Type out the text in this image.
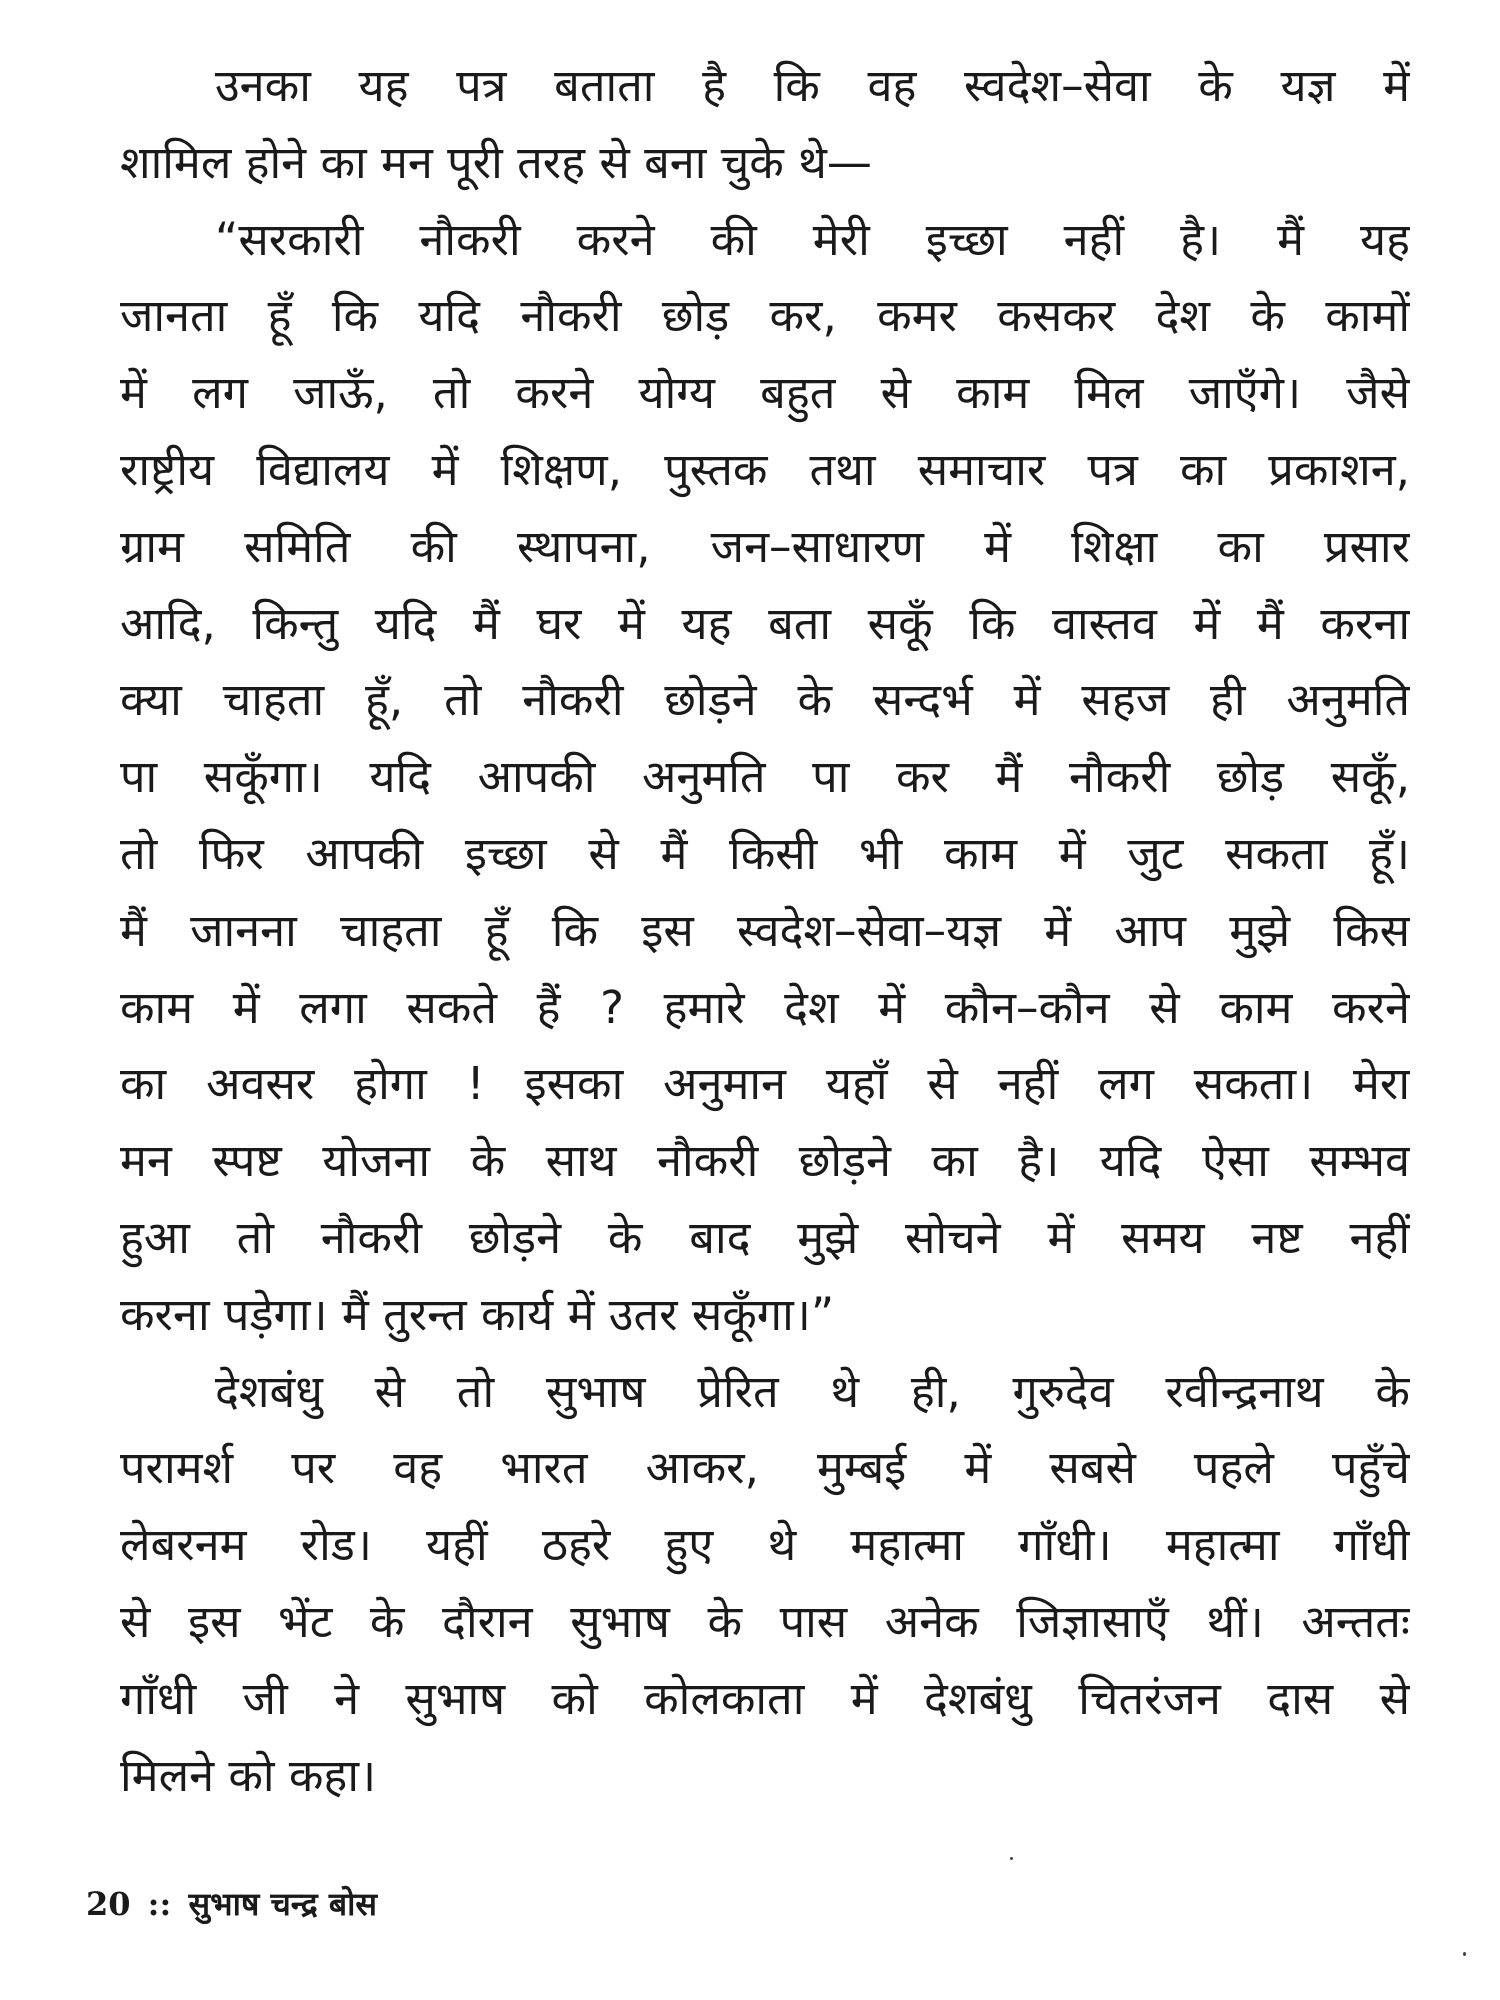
उनका यह पत्र बताता है कि वह स्वदेश–सेवा के यज्ञ में
शामिल होने का मन पूरी तरह से बना चुके थे—
“सरकारी नौकरी करने की मेरी इच्छा नहीं है। मैं यह
जानता हूँ कि यदि नौकरी छोड़ कर, कमर कसकर देश के कामों
में लग जाऊँ, तो करने योग्य बहुत से काम मिल जाएँगे। जैसे
राष्ट्रीय विद्यालय में शिक्षण, पुस्तक तथा समाचार पत्र का प्रकाशन,
ग्राम समिति की स्थापना, जन–साधारण में शिक्षा का प्रसार
आदि, किन्तु यदि मैं घर में यह बता सकूँ कि वास्तव में मैं करना
क्या चाहता हूँ, तो नौकरी छोड़ने के सन्दर्भ में सहज ही अनुमति
पा सकूँगा। यदि आपकी अनुमति पा कर मैं नौकरी छोड़ सकूँ,
तो फिर आपकी इच्छा से मैं किसी भी काम में जुट सकता हूँ।
मैं जानना चाहता हूँ कि इस स्वदेश–सेवा–यज्ञ में आप मुझे किस
काम में लगा सकते हैं ? हमारे देश में कौन–कौन से काम करने
का अवसर होगा ! इसका अनुमान यहाँ से नहीं लग सकता। मेरा
मन स्पष्ट योजना के साथ नौकरी छोड़ने का है। यदि ऐसा सम्भव
हुआ तो नौकरी छोड़ने के बाद मुझे सोचने में समय नष्ट नहीं
करना पड़ेगा। मैं तुरन्त कार्य में उतर सकूँगा।”
देशबंधु से तो सुभाष प्रेरित थे ही, गुरुदेव रवीन्द्रनाथ के
परामर्श पर वह भारत आकर, मुम्बई में सबसे पहले पहुँचे
लेबरनम रोड। यहीं ठहरे हुए थे महात्मा गाँधी। महात्मा गाँधी
से इस भेंट के दौरान सुभाष के पास अनेक जिज्ञासाएँ थीं। अन्ततः
गाँधी जी ने सुभाष को कोलकाता में देशबंधु चितरंजन दास से
मिलने को कहा।
20 :: सुभाष चन्द्र बोस
